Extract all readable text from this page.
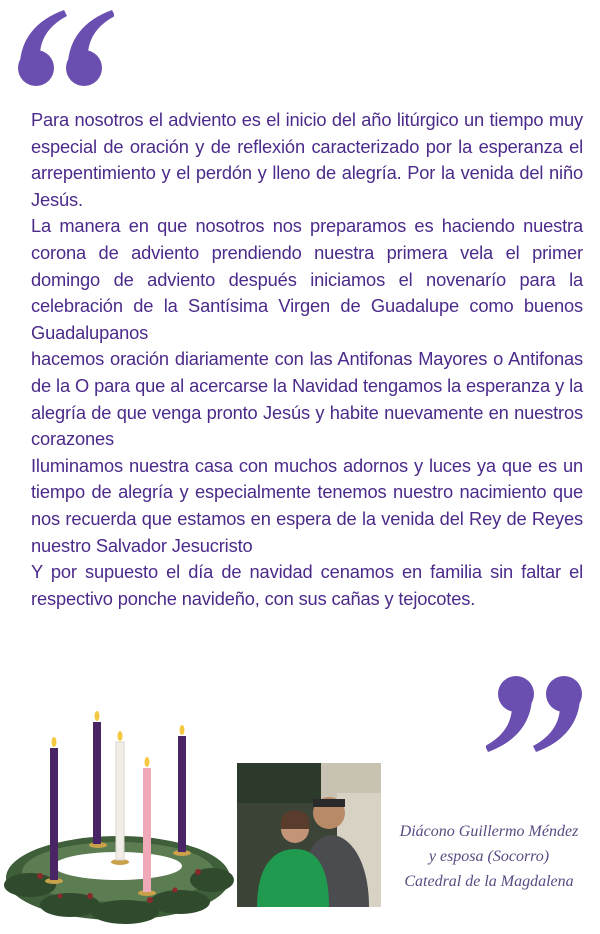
Para nosotros el adviento es el inicio del año litúrgico un tiempo muy especial de oración y de reflexión caracterizado por la esperanza el arrepentimiento y el perdón y lleno de alegría. Por la venida del niño Jesús.

La manera en que nosotros nos preparamos es haciendo nuestra corona de adviento prendiendo nuestra primera vela el primer domingo de adviento después iniciamos el novenarío para la celebración de la Santísima Virgen de Guadalupe como buenos Guadalupanos

hacemos oración diariamente con las Antifonas Mayores o Antifonas de la O para que al acercarse la Navidad tengamos la esperanza y la alegría de que venga pronto Jesús y habite nuevamente en nuestros corazones

Iluminamos nuestra casa con muchos adornos y luces ya que es un tiempo de alegría y especialmente tenemos nuestro nacimiento que nos recuerda que estamos en espera de la venida del Rey de Reyes nuestro Salvador Jesucristo

Y por supuesto el día de navidad cenamos en familia sin faltar el respectivo ponche navideño, con sus cañas y tejocotes.

Diácono Guillermo Méndez
y esposa (Socorro)
Catedral de la Magdalena
